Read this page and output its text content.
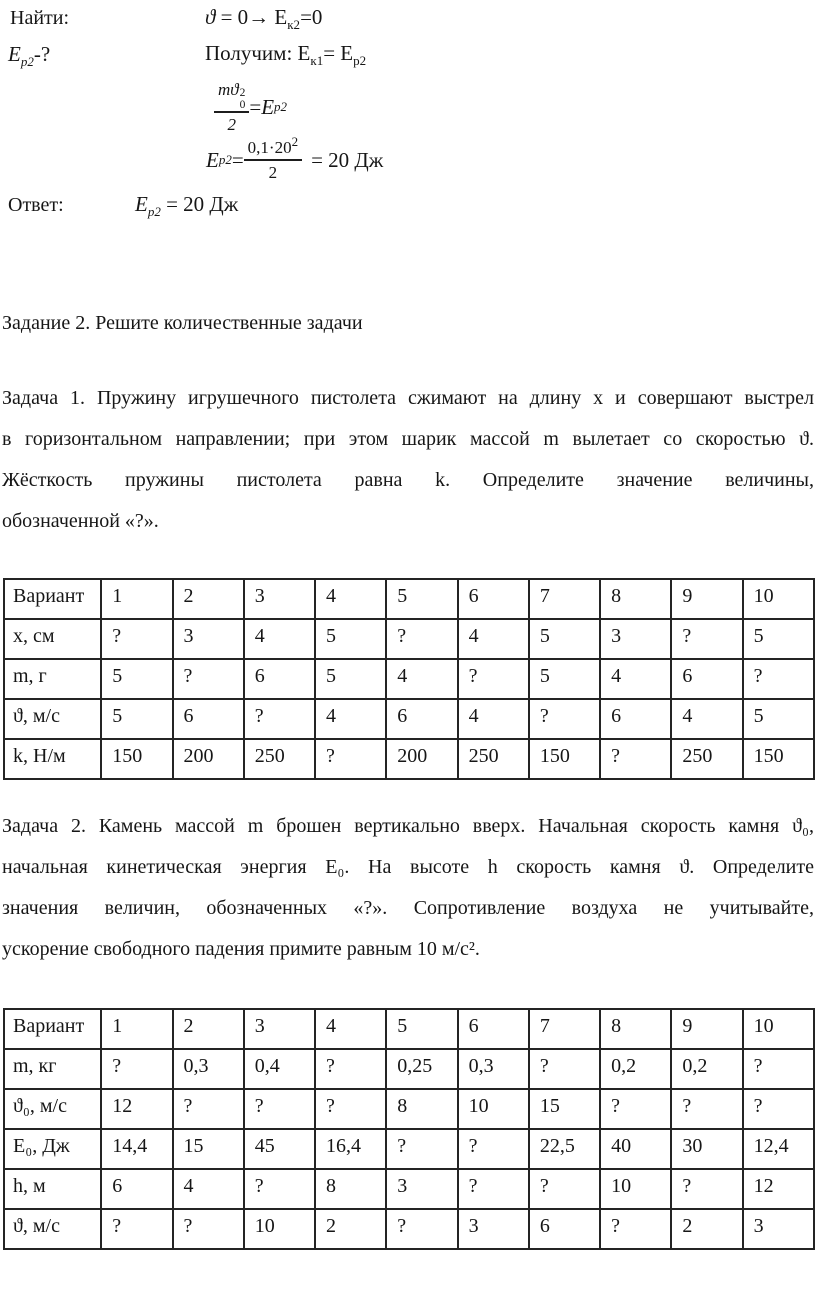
Найти:
$E_{p2}-$?
$ϑ = 0\to E_{к2}=0$
Получим: $E_{к1}= E_{p2}$
mϑ 2
0
2 = E p2
E $p2 = \frac{0,1\cdot 20^2}{2} = 20$ Дж
Ответ:	$E_{p2} = 20$ Дж
Задание 2. Решите количественные задачи
Задача 1. Пружину игрушечного пистолета сжимают на длину x и совершают выстрел
в горизонтальном направлении; при этом шарик массой m вылетает со скоростью ϑ.
Жёсткость пружины пистолета равна k. Определите значение величины,
обозначенной «?».
Вариант	1	2	3	4	5	6	7	8	9	10
x, см	?	3	4	5	?	4	5	3	?	5
m, г	5	?	6	5	4	?	5	4	6	?
ϑ, м/с	5	6	?	4	6	4	?	6	4	5
k, Н/м	150	200	250	?	200	250	150	?	250	150
Задача 2. Камень массой m брошен вертикально вверх. Начальная скорость камня ϑ₀,
начальная кинетическая энергия E₀. На высоте h скорость камня ϑ. Определите
значения величин, обозначенных «?». Сопротивление воздуха не учитывайте,
ускорение свободного падения примите равным 10 м/с².
Вариант	1	2	3	4	5	6	7	8	9	10
m, кг	?	0,3	0,4	?	0,25	0,3	?	0,2	0,2	?
ϑ₀, м/с	12	?	?	?	8	10	15	?	?	?
E₀, Дж	14,4	15	45	16,4	?	?	22,5	40	30	12,4
h, м	6	4	?	8	3	?	?	10	?	12
ϑ, м/с	?	?	10	2	?	3	6	?	2	3
